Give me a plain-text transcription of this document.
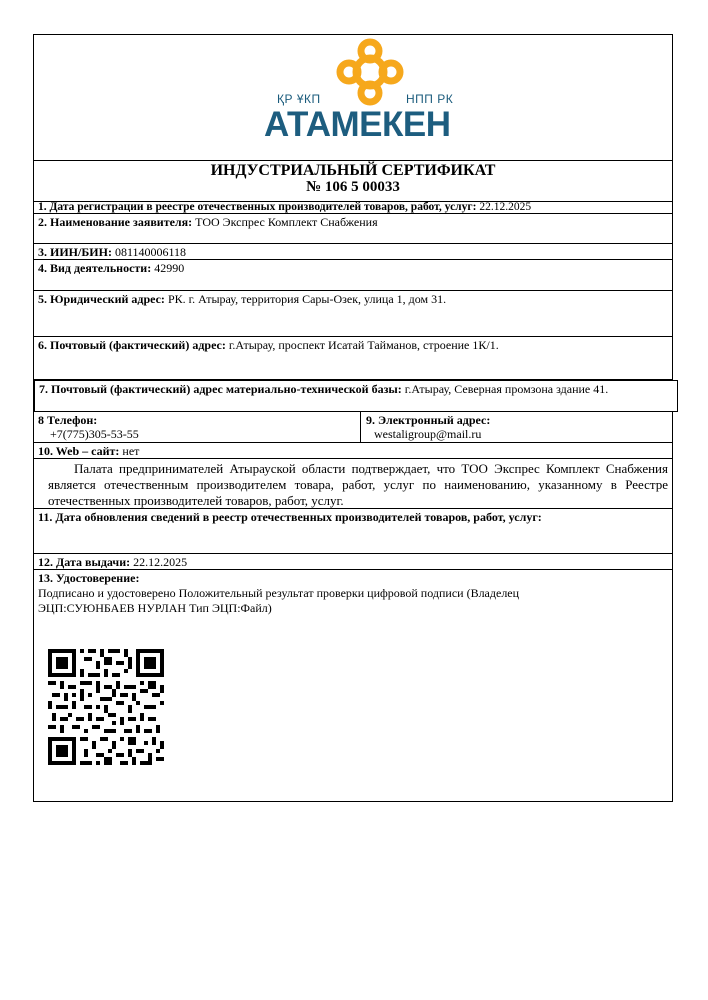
ҚР ҰКП	НПП РК
АТАМЕКЕН
ИНДУСТРИАЛЬНЫЙ СЕРТИФИКАТ
№ 106 5 00033
1. Дата регистрации в реестре отечественных производителей товаров, работ, услуг: 22.12.2025
2. Наименование заявителя: ТОО Экспрес Комплект Снабжения
3. ИИН/БИН: 081140006118
4. Вид деятельности: 42990
5. Юридический адрес: РК. г. Атырау, территория Сары-Озек, улица 1, дом 31.
6. Почтовый (фактический) адрес: г.Атырау, проспект Исатай Тайманов, строение 1К/1.
7. Почтовый (фактический) адрес материально-технической базы: г.Атырау, Северная промзона здание 41.
8 Телефон:
+7(775)305-53-55
9. Электронный адрес:
westaligroup@mail.ru
10. Web – сайт: нет
Палата предпринимателей Атырауской области подтверждает, что ТОО Экспрес Комплект Снабжения является отечественным производителем товара, работ, услуг по наименованию, указанному в Реестре отечественных производителей товаров, работ, услуг.
11. Дата обновления сведений в реестр отечественных производителей товаров, работ, услуг:
12. Дата выдачи: 22.12.2025
13. Удостоверение:
Подписано и удостоверено Положительный результат проверки цифровой подписи (Владелец
ЭЦП:СУЮНБАЕВ НУРЛАН Тип ЭЦП:Файл)
